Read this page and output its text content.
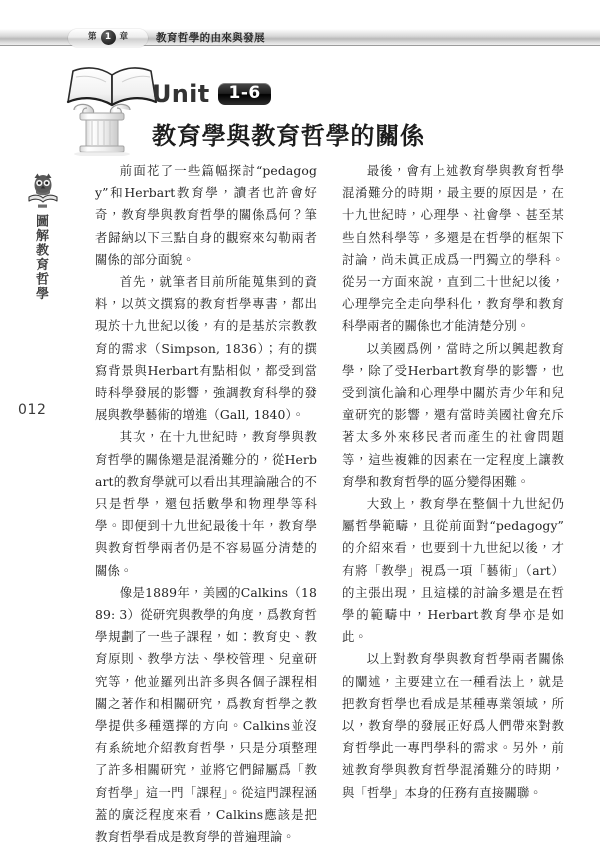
第 1 章	教育哲學的由來與發展
Unit	1-6
教育學與教育哲學的關係
圖解教育哲學
012

前面花了一些篇幅探討“pedagogy”和Herbart教育學，讀者也許會好奇，教育學與教育哲學的關係爲何？筆者歸納以下三點自身的觀察來勾勒兩者關係的部分面貌。

首先，就筆者目前所能蒐集到的資料，以英文撰寫的教育哲學專書，都出現於十九世紀以後，有的是基於宗教教育的需求（Simpson, 1836）；有的撰寫背景與Herbart有點相似，都受到當時科學發展的影響，強調教育科學的發展與教學藝術的增進（Gall, 1840）。

其次，在十九世紀時，教育學與教育哲學的關係還是混淆難分的，從Herbart的教育學就可以看出其理論融合的不只是哲學，還包括數學和物理學等科學。即便到十九世紀最後十年，教育學與教育哲學兩者仍是不容易區分清楚的關係。

像是1889年，美國的Calkins（1889: 3）從研究與教學的角度，爲教育哲學規劃了一些子課程，如：教育史、教育原則、教學方法、學校管理、兒童研究等，他並羅列出許多與各個子課程相關之著作和相關研究，爲教育哲學之教學提供多種選擇的方向。Calkins並沒有系統地介紹教育哲學，只是分項整理了許多相關研究，並將它們歸屬爲「教育哲學」這一門「課程」。從這門課程涵蓋的廣泛程度來看，Calkins應該是把教育哲學看成是教育學的普遍理論。

最後，會有上述教育學與教育哲學混淆難分的時期，最主要的原因是，在十九世紀時，心理學、社會學、甚至某些自然科學等，多還是在哲學的框架下討論，尚未眞正成爲一門獨立的學科。從另一方面來說，直到二十世紀以後，心理學完全走向學科化，教育學和教育科學兩者的關係也才能清楚分別。

以美國爲例，當時之所以興起教育學，除了受Herbart教育學的影響，也受到演化論和心理學中關於青少年和兒童研究的影響，還有當時美國社會充斥著太多外來移民者而產生的社會問題等，這些複雜的因素在一定程度上讓教育學和教育哲學的區分變得困難。

大致上，教育學在整個十九世紀仍屬哲學範疇，且從前面對“pedagogy”的介紹來看，也要到十九世紀以後，才有將「教學」視爲一項「藝術」（art）的主張出現，且這樣的討論多還是在哲學的範疇中，Herbart教育學亦是如此。

以上對教育學與教育哲學兩者關係的闡述，主要建立在一種看法上，就是把教育哲學也看成是某種專業領域，所以，教育學的發展正好爲人們帶來對教育哲學此一專門學科的需求。另外，前述教育學與教育哲學混淆難分的時期，與「哲學」本身的任務有直接關聯。
